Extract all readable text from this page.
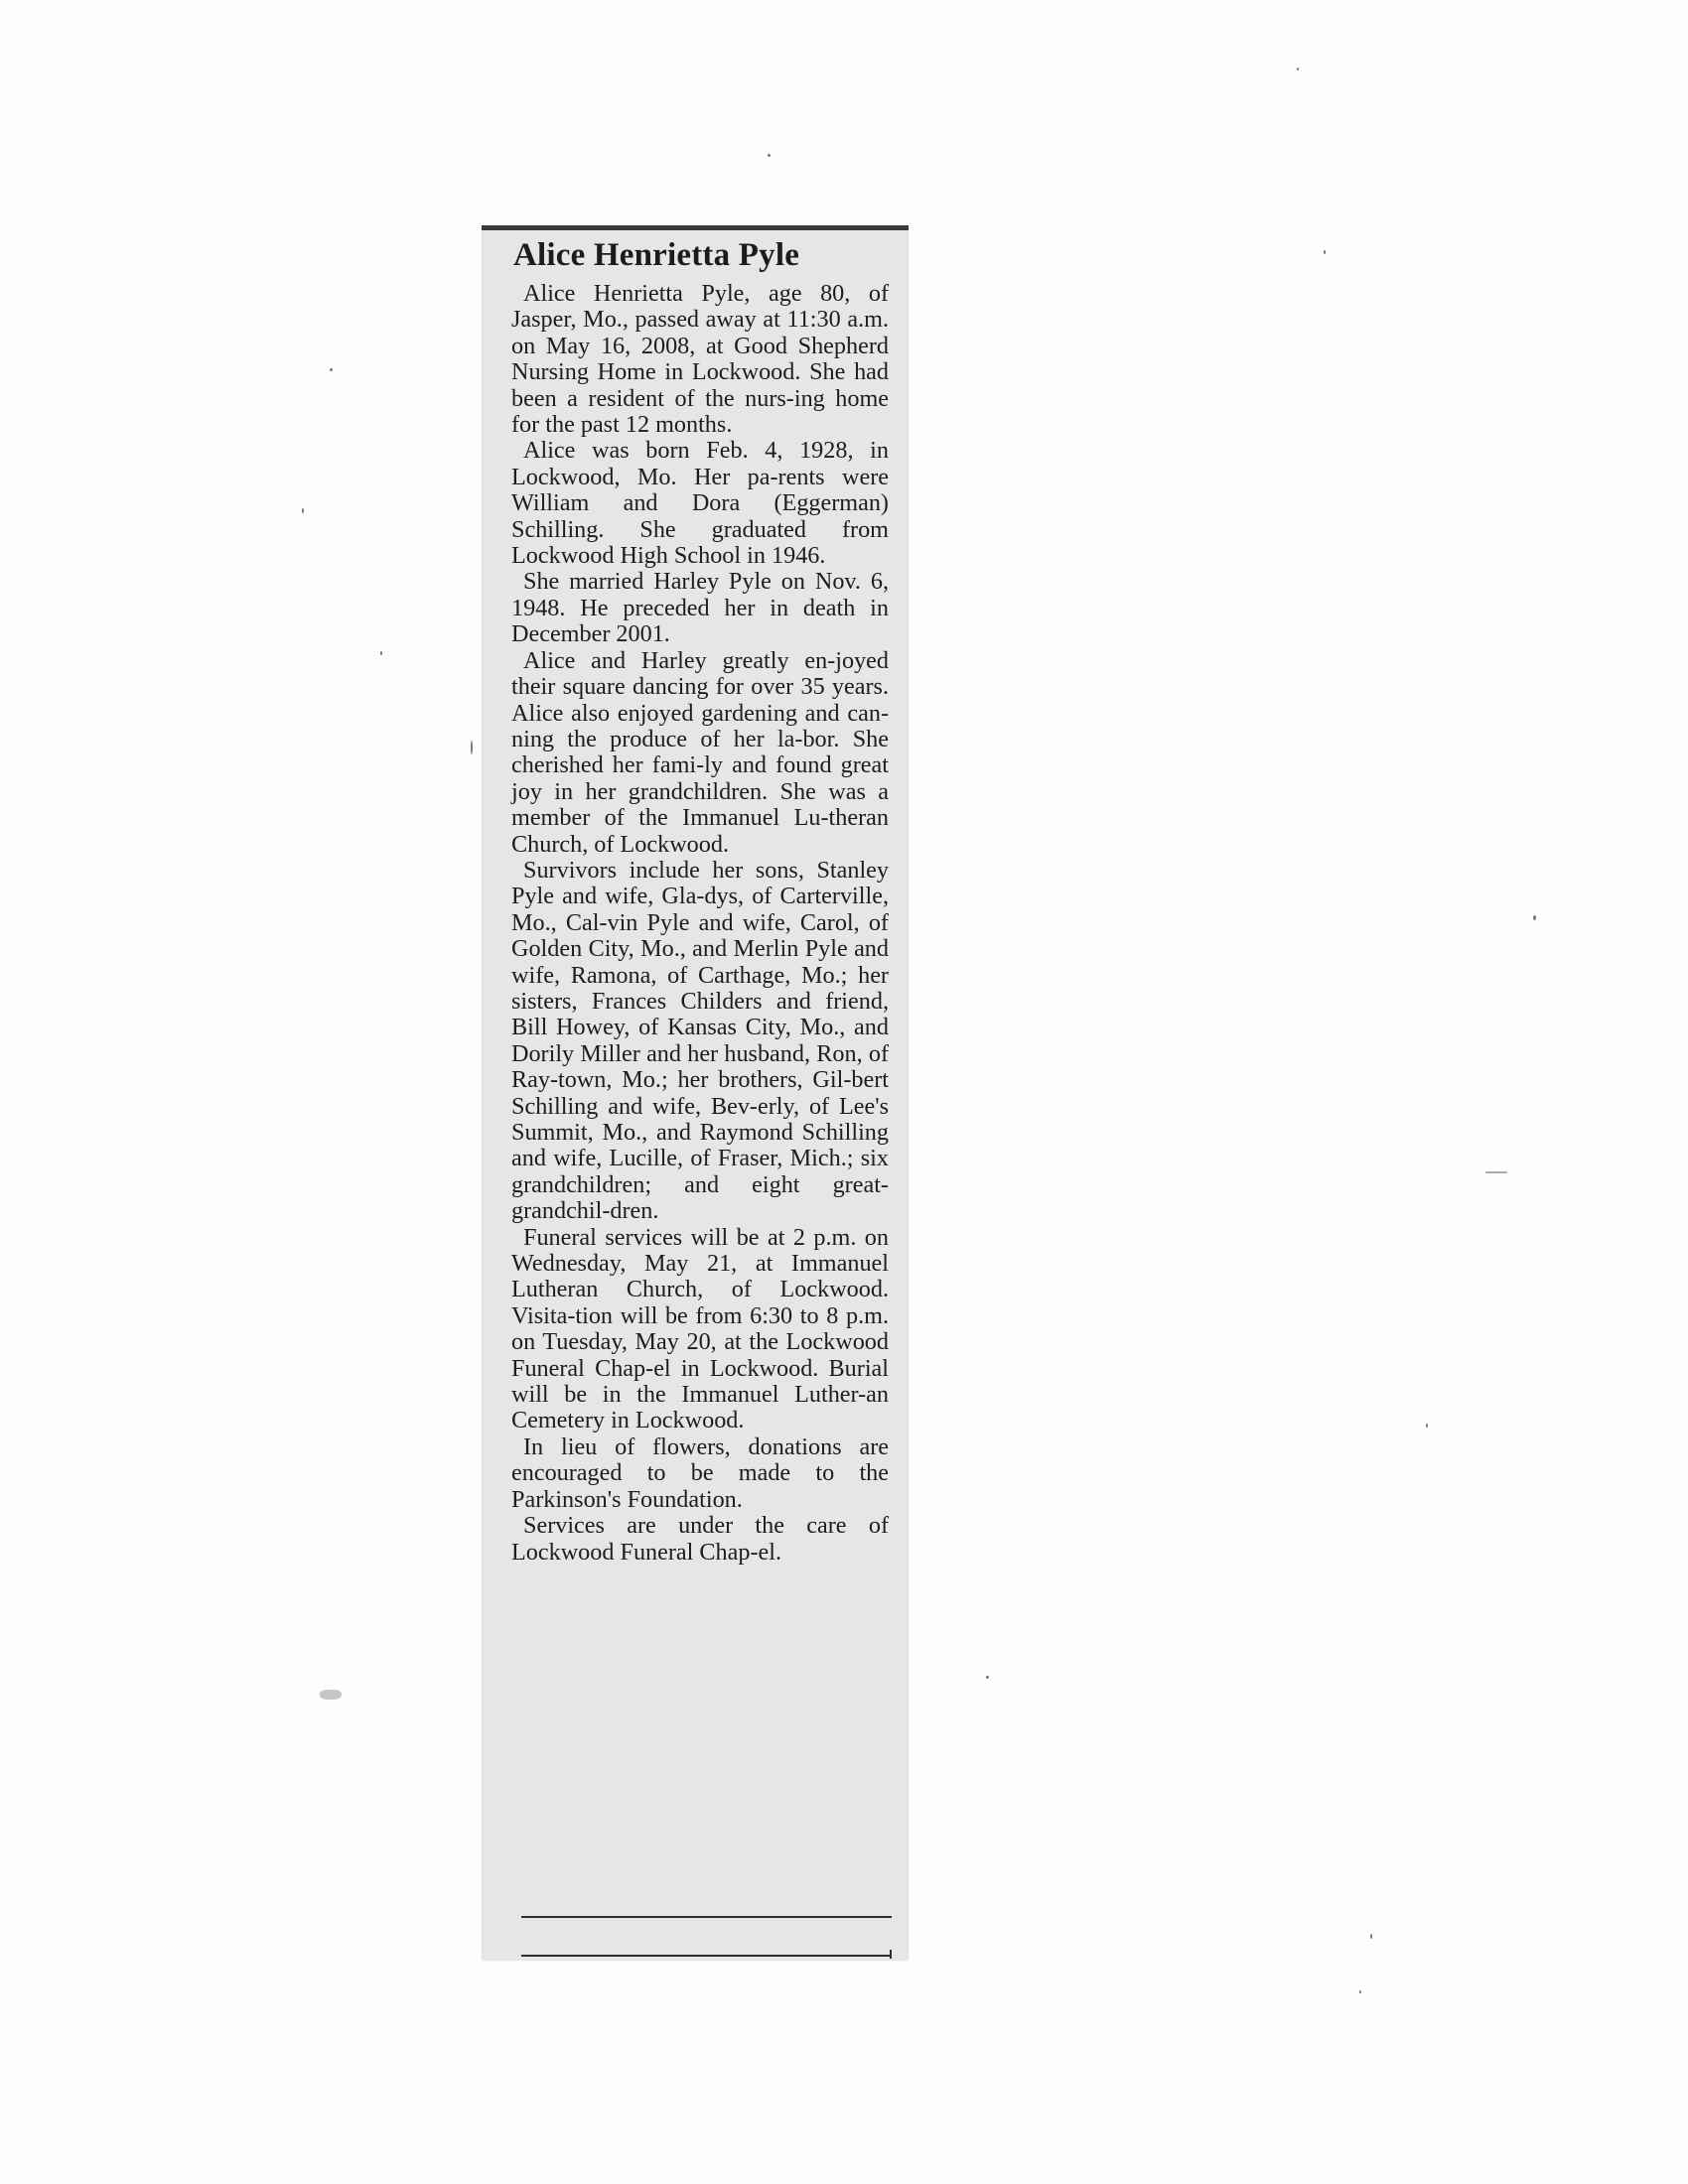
Alice Henrietta Pyle

Alice Henrietta Pyle, age 80, of Jasper, Mo., passed away at 11:30 a.m. on May 16, 2008, at Good Shepherd Nursing Home in Lockwood. She had been a resident of the nurs-ing home for the past 12 months.

Alice was born Feb. 4, 1928, in Lockwood, Mo. Her pa-rents were William and Dora (Eggerman) Schilling. She graduated from Lockwood High School in 1946.

She married Harley Pyle on Nov. 6, 1948. He preceded her in death in December 2001.

Alice and Harley greatly en-joyed their square dancing for over 35 years. Alice also enjoyed gardening and can-ning the produce of her la-bor. She cherished her fami-ly and found great joy in her grandchildren. She was a member of the Immanuel Lu-theran Church, of Lockwood.

Survivors include her sons, Stanley Pyle and wife, Gla-dys, of Carterville, Mo., Cal-vin Pyle and wife, Carol, of Golden City, Mo., and Merlin Pyle and wife, Ramona, of Carthage, Mo.; her sisters, Frances Childers and friend, Bill Howey, of Kansas City, Mo., and Dorily Miller and her husband, Ron, of Ray-town, Mo.; her brothers, Gil-bert Schilling and wife, Bev-erly, of Lee's Summit, Mo., and Raymond Schilling and wife, Lucille, of Fraser, Mich.; six grandchildren; and eight great-grandchil-dren.

Funeral services will be at 2 p.m. on Wednesday, May 21, at Immanuel Lutheran Church, of Lockwood. Visita-tion will be from 6:30 to 8 p.m. on Tuesday, May 20, at the Lockwood Funeral Chap-el in Lockwood. Burial will be in the Immanuel Luther-an Cemetery in Lockwood.

In lieu of flowers, donations are encouraged to be made to the Parkinson's Foundation.

Services are under the care of Lockwood Funeral Chap-el.
